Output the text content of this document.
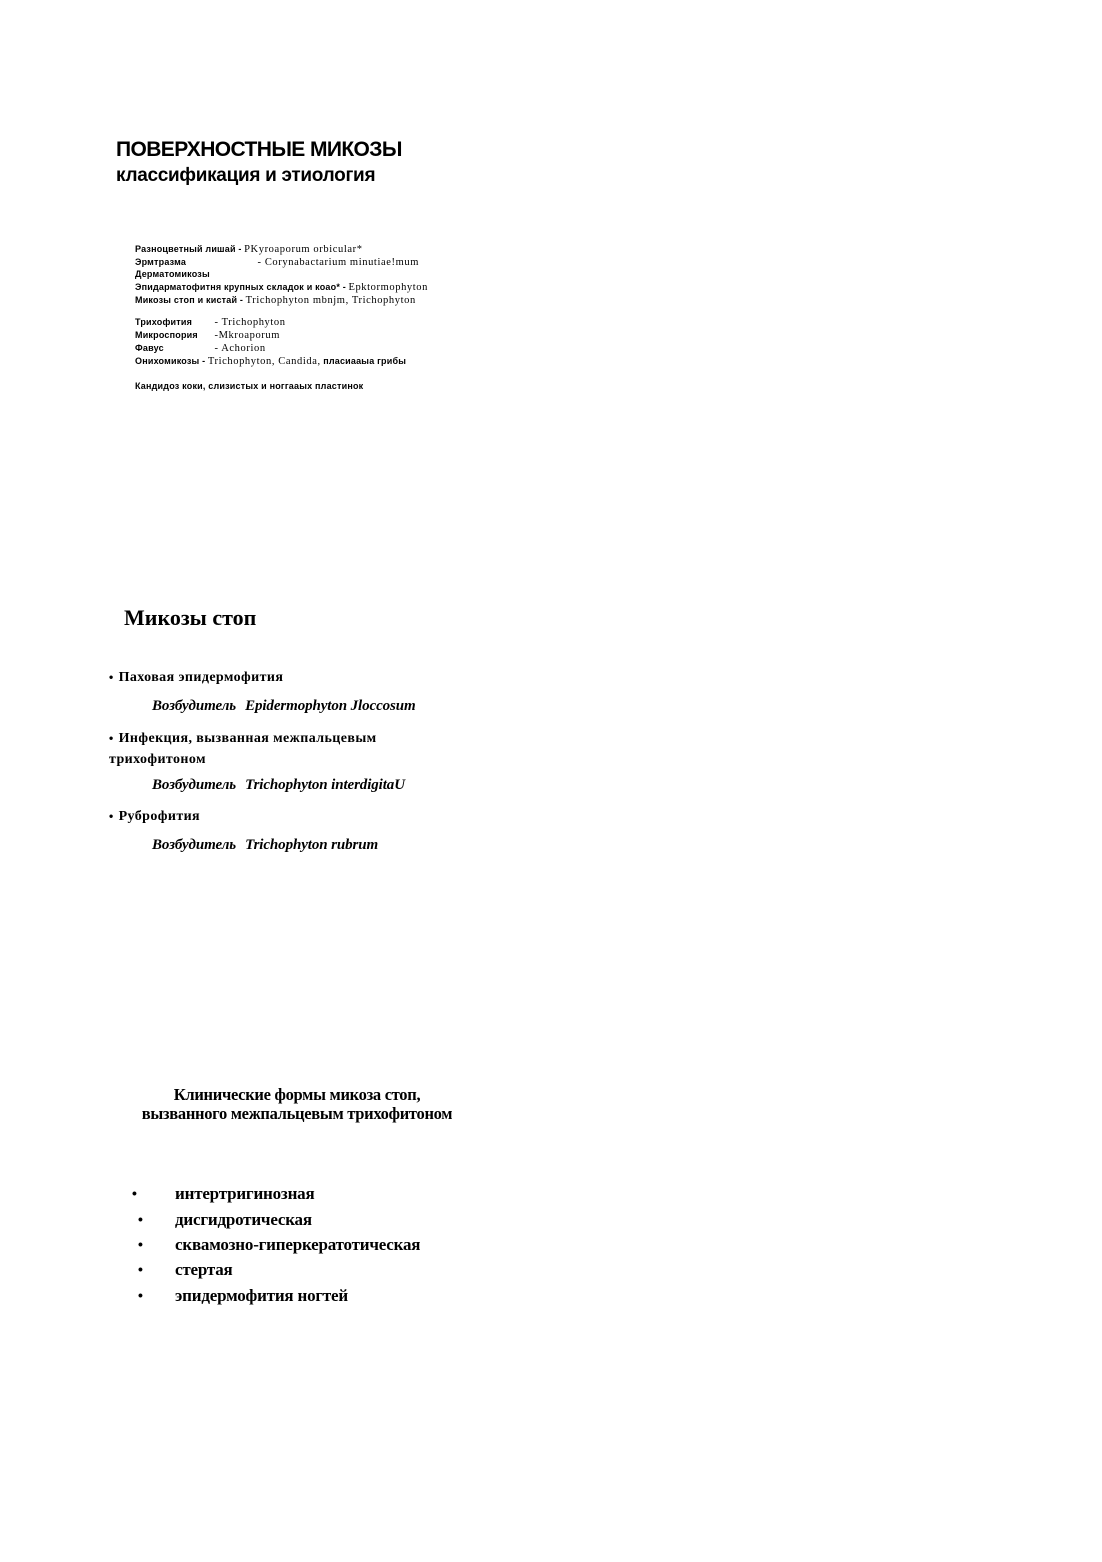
ПОВЕРХНОСТНЫЕ МИКОЗЫ
классификация и этиология
Разноцветный лишай - PKyroaporum orbicular*
Эрмтразма	- Corynabactarium minutiae!mum
Дерматомикозы
Эпидарматофитня крупных складок и коао* - Epktormophyton
Микозы стоп и кистай - Trichophyton mbnjm, Trichophyton
Трихофития - Trichophyton
Микроспория -Mkroaporum
Фавус	- Achorion
Онихомикозы - Trichophyton, Candida, пласиааыа грибы
Кандидоз коки, слизистых и ноггааых пластинок
Микозы стоп
• Паховая эпидермофития
Возбудитель Epidermophyton Jloccosum
• Инфекция, вызванная межпальцевым
трихофитоном
Возбудитель Trichophyton interdigitaU
• Руброфития
Возбудитель Trichophyton rubrum
Клинические формы микоза стоп,
вызванного межпальцевым трихофитоном
• интертригинозная
• дисгидротическая
• сквамозно-гиперкератотическая
• стертая
• эпидермофития ногтей
